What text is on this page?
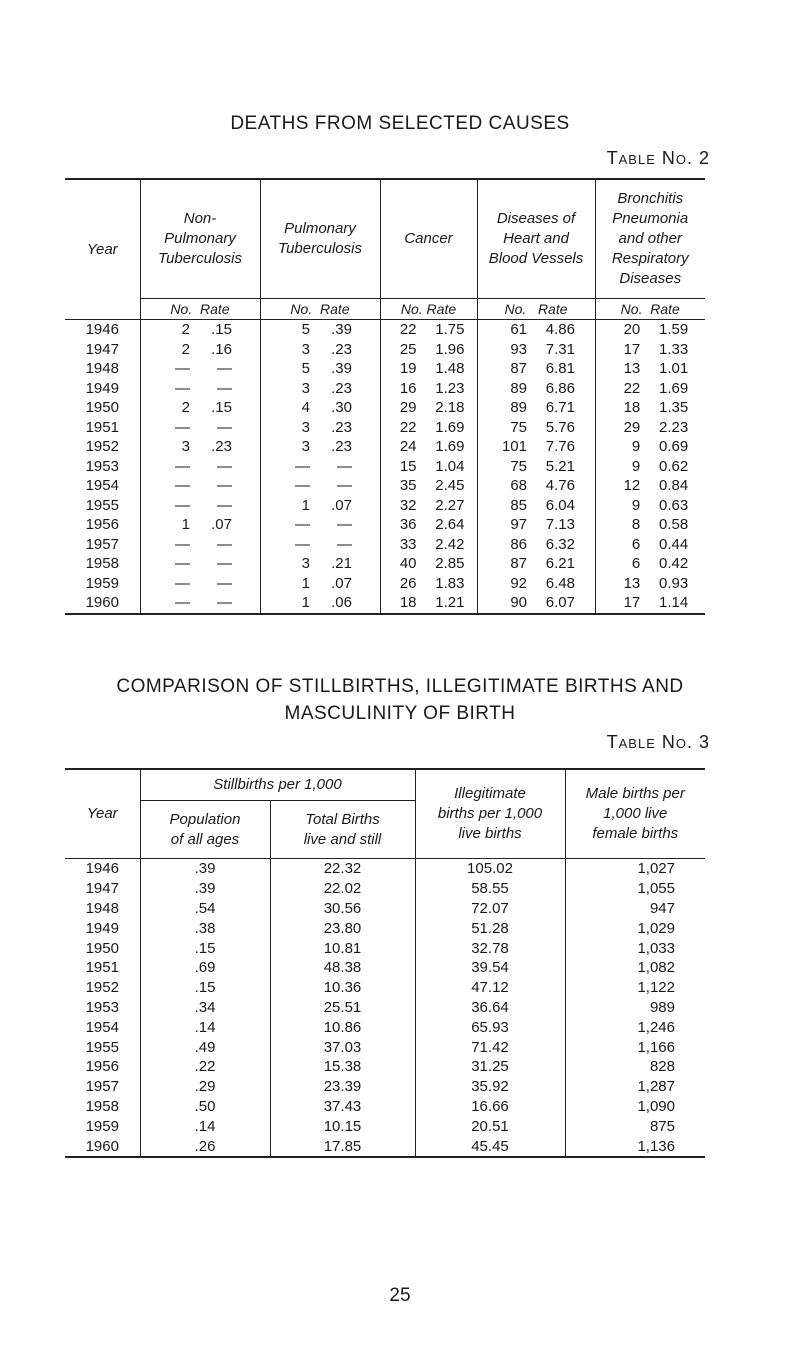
DEATHS FROM SELECTED CAUSES
Table No. 2
Year	Non-
Pulmonary
Tuberculosis	Pulmonary
Tuberculosis	Cancer	Diseases of
Heart and
Blood Vessels	Bronchitis
Pneumonia
and other
Respiratory
Diseases
	No.  Rate	No.  Rate	No. Rate	No.   Rate	No.  Rate
1946	2 .15	5 .39	22 1.75	61 4.86	20 1.59
1947	2 .16	3 .23	25 1.96	93 7.31	17 1.33
1948	— —	5 .39	19 1.48	87 6.81	13 1.01
1949	— —	3 .23	16 1.23	89 6.86	22 1.69
1950	2 .15	4 .30	29 2.18	89 6.71	18 1.35
1951	— —	3 .23	22 1.69	75 5.76	29 2.23
1952	3 .23	3 .23	24 1.69	101 7.76	9 0.69
1953	— —	— —	15 1.04	75 5.21	9 0.62
1954	— —	— —	35 2.45	68 4.76	12 0.84
1955	— —	1 .07	32 2.27	85 6.04	9 0.63
1956	1 .07	— —	36 2.64	97 7.13	8 0.58
1957	— —	— —	33 2.42	86 6.32	6 0.44
1958	— —	3 .21	40 2.85	87 6.21	6 0.42
1959	— —	1 .07	26 1.83	92 6.48	13 0.93
1960	— —	1 .06	18 1.21	90 6.07	17 1.14
COMPARISON OF STILLBIRTHS, ILLEGITIMATE BIRTHS AND
MASCULINITY OF BIRTH
Table No. 3
Year	Stillbirths per 1,000		Illegitimate
births per 1,000
live births	Male births per
1,000 live
female births
	Population
of all ages	Total Births
live and still		
1946	.39	22.32	105.02	1,027
1947	.39	22.02	58.55	1,055
1948	.54	30.56	72.07	947
1949	.38	23.80	51.28	1,029
1950	.15	10.81	32.78	1,033
1951	.69	48.38	39.54	1,082
1952	.15	10.36	47.12	1,122
1953	.34	25.51	36.64	989
1954	.14	10.86	65.93	1,246
1955	.49	37.03	71.42	1,166
1956	.22	15.38	31.25	828
1957	.29	23.39	35.92	1,287
1958	.50	37.43	16.66	1,090
1959	.14	10.15	20.51	875
1960	.26	17.85	45.45	1,136
25
